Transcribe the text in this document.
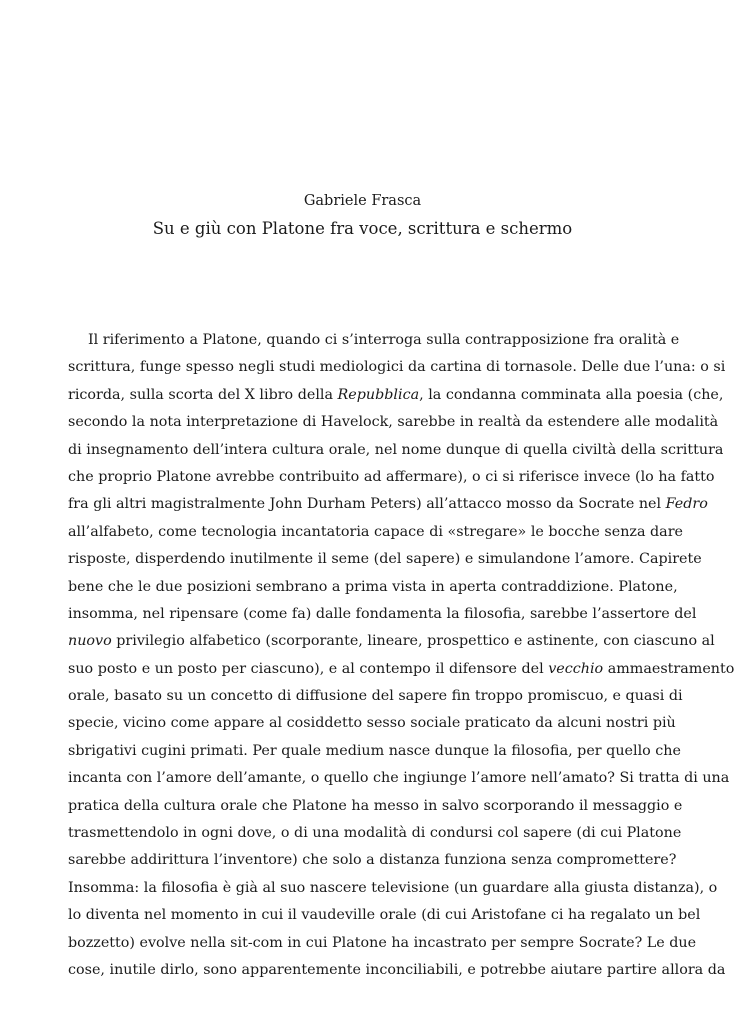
Gabriele Frasca
Su e giù con Platone fra voce, scrittura e schermo
Il riferimento a Platone, quando ci s’interroga sulla contrapposizione fra oralità e
scrittura, funge spesso negli studi mediologici da cartina di tornasole. Delle due l’una: o si
ricorda, sulla scorta del X libro della Repubblica, la condanna comminata alla poesia (che,
secondo la nota interpretazione di Havelock, sarebbe in realtà da estendere alle modalità
di insegnamento dell’intera cultura orale, nel nome dunque di quella civiltà della scrittura
che proprio Platone avrebbe contribuito ad affermare), o ci si riferisce invece (lo ha fatto
fra gli altri magistralmente John Durham Peters) all’attacco mosso da Socrate nel Fedro
all’alfabeto, come tecnologia incantatoria capace di «stregare» le bocche senza dare
risposte, disperdendo inutilmente il seme (del sapere) e simulandone l’amore. Capirete
bene che le due posizioni sembrano a prima vista in aperta contraddizione. Platone,
insomma, nel ripensare (come fa) dalle fondamenta la filosofia, sarebbe l’assertore del
nuovo privilegio alfabetico (scorporante, lineare, prospettico e astinente, con ciascuno al
suo posto e un posto per ciascuno), e al contempo il difensore del vecchio ammaestramento
orale, basato su un concetto di diffusione del sapere fin troppo promiscuo, e quasi di
specie, vicino come appare al cosiddetto sesso sociale praticato da alcuni nostri più
sbrigativi cugini primati. Per quale medium nasce dunque la filosofia, per quello che
incanta con l’amore dell’amante, o quello che ingiunge l’amore nell’amato? Si tratta di una
pratica della cultura orale che Platone ha messo in salvo scorporando il messaggio e
trasmettendolo in ogni dove, o di una modalità di condursi col sapere (di cui Platone
sarebbe addirittura l’inventore) che solo a distanza funziona senza compromettere?
Insomma: la filosofia è già al suo nascere televisione (un guardare alla giusta distanza), o
lo diventa nel momento in cui il vaudeville orale (di cui Aristofane ci ha regalato un bel
bozzetto) evolve nella sit-com in cui Platone ha incastrato per sempre Socrate? Le due
cose, inutile dirlo, sono apparentemente inconciliabili, e potrebbe aiutare partire allora da
